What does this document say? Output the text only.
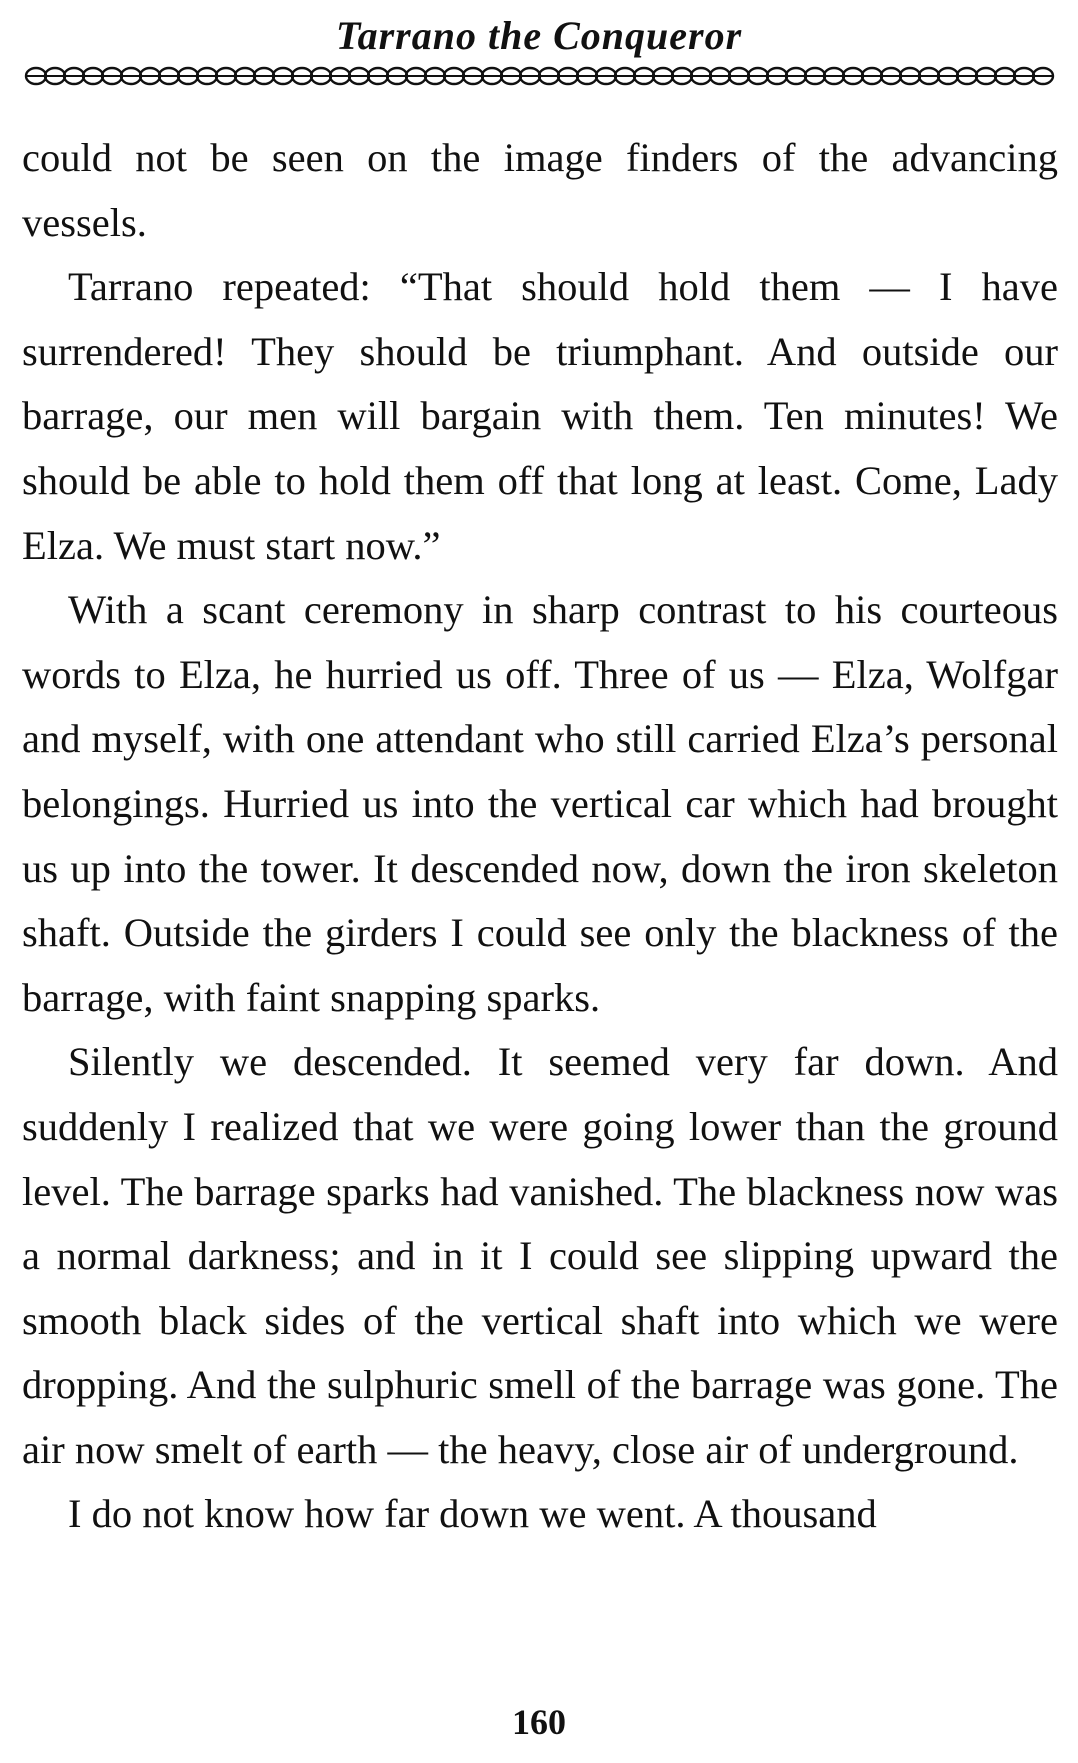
Tarrano the Conqueror

could not be seen on the image finders of the advancing vessels.

Tarrano repeated: “That should hold them — I have surrendered! They should be triumphant. And outside our barrage, our men will bargain with them. Ten minutes! We should be able to hold them off that long at least. Come, Lady Elza. We must start now.”

With a scant ceremony in sharp contrast to his courteous words to Elza, he hurried us off. Three of us — Elza, Wolfgar and myself, with one attendant who still carried Elza’s personal belongings. Hurried us into the vertical car which had brought us up into the tower. It descended now, down the iron skeleton shaft. Outside the girders I could see only the blackness of the barrage, with faint snapping sparks.

Silently we descended. It seemed very far down. And suddenly I realized that we were going lower than the ground level. The barrage sparks had vanished. The blackness now was a normal darkness; and in it I could see slipping upward the smooth black sides of the vertical shaft into which we were dropping. And the sulphuric smell of the barrage was gone. The air now smelt of earth — the heavy, close air of underground.

I do not know how far down we went. A thousand

160
